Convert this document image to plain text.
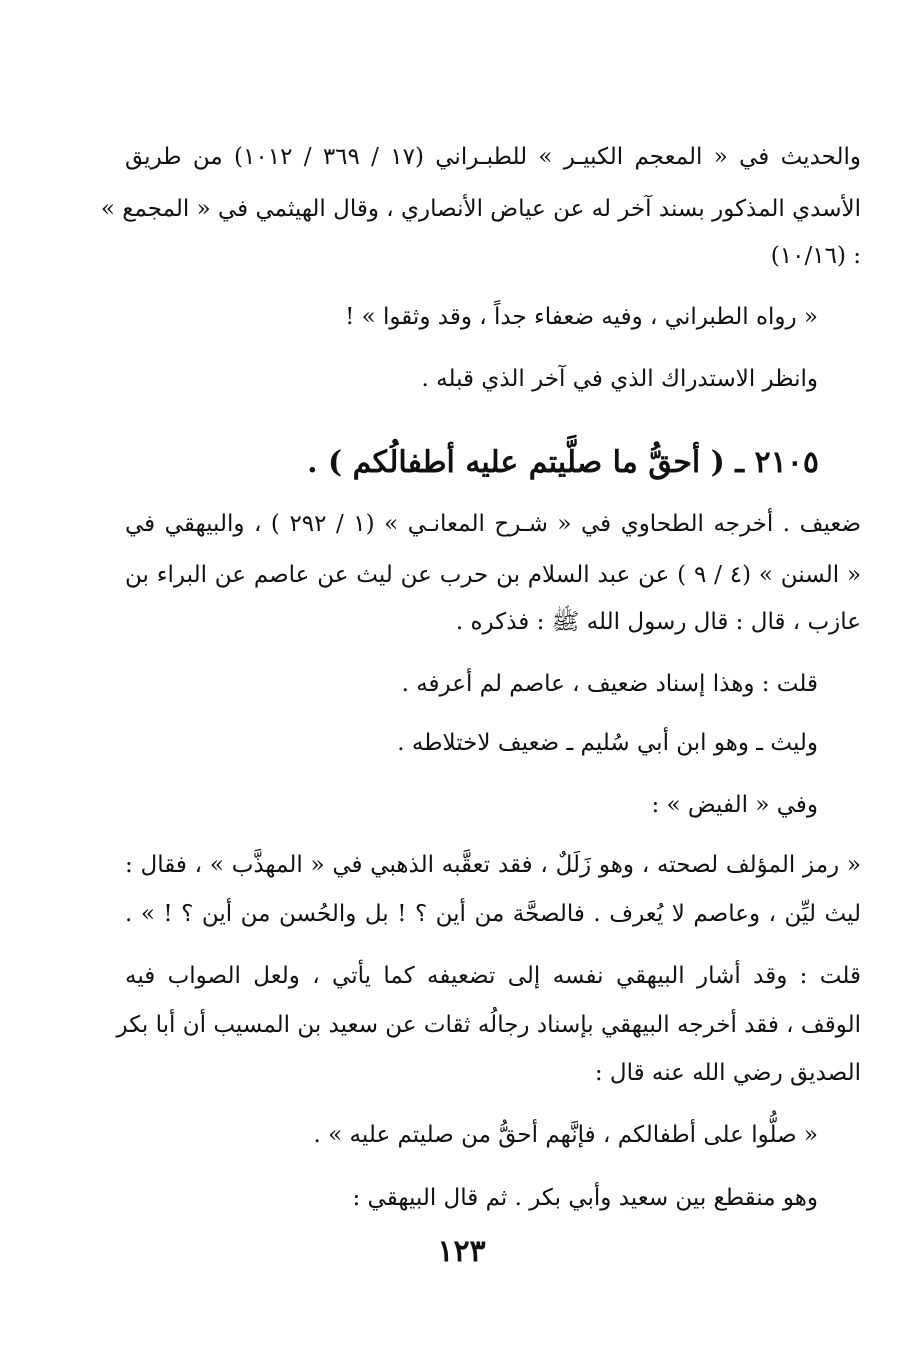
والحديث في « المعجم الكبيـر » للطبـراني (١٧ / ٣٦٩ / ١٠١٢) من طريق
الأسدي المذكور بسند آخر له عن عياض الأنصاري ، وقال الهيثمي في « المجمع »
(١٠/١٦) :
« رواه الطبراني ، وفيه ضعفاء جداً ، وقد وثقوا » !
وانظر الاستدراك الذي في آخر الذي قبله .
٢١٠٥ ـ ( أحقُّ ما صلَّيتم عليه أطفالُكم ) .
ضعيف . أخرجه الطحاوي في « شـرح المعانـي » (١ / ٢٩٢ ) ، والبيهقي في
« السنن » (٤ / ٩ ) عن عبد السلام بن حرب عن ليث عن عاصم عن البراء بن
عازب ، قال : قال رسول الله ﷺ : فذكره .
قلت : وهذا إسناد ضعيف ، عاصم لم أعرفه .
وليث ـ وهو ابن أبي سُليم ـ ضعيف لاختلاطه .
وفي « الفيض » :
« رمز المؤلف لصحته ، وهو زَلَلٌ ، فقد تعقَّبه الذهبي في « المهذَّب » ، فقال :
ليث ليِّن ، وعاصم لا يُعرف . فالصحَّة من أين ؟ ! بل والحُسن من أين ؟ ! » .
قلت : وقد أشار البيهقي نفسه إلى تضعيفه كما يأتي ، ولعل الصواب فيه
الوقف ، فقد أخرجه البيهقي بإسناد رجالُه ثقات عن سعيد بن المسيب أن أبا بكر
الصديق رضي الله عنه قال :
« صلُّوا على أطفالكم ، فإنَّهم أحقُّ من صليتم عليه » .
وهو منقطع بين سعيد وأبي بكر . ثم قال البيهقي :
١٢٣
